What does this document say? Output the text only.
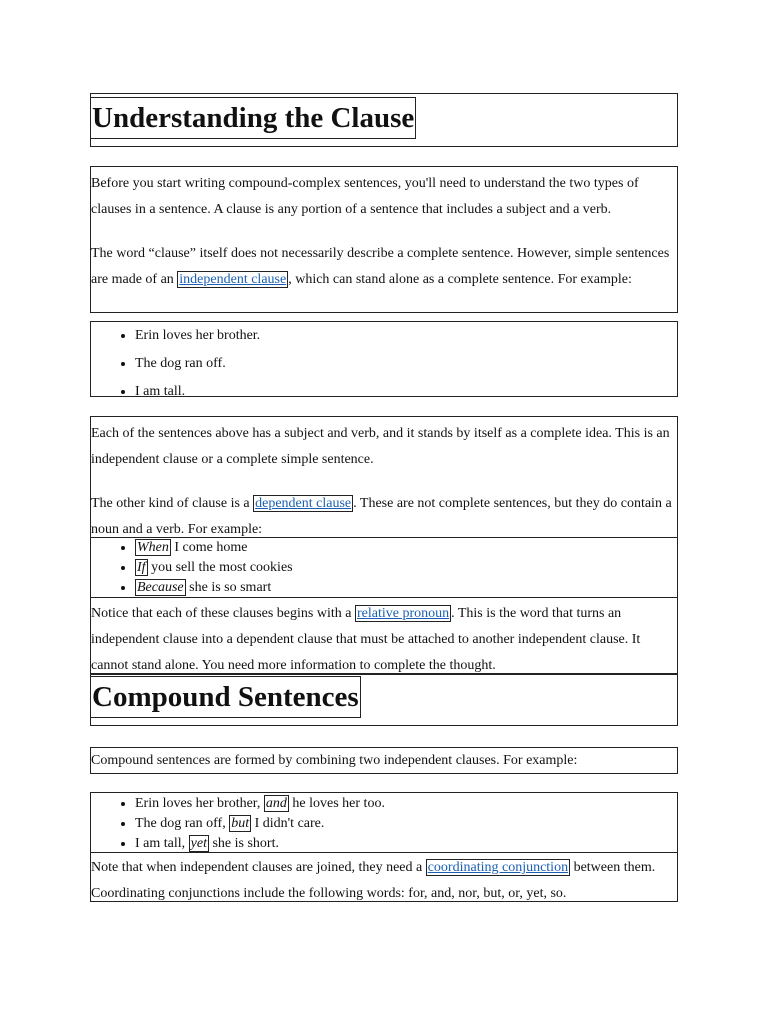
Understanding the Clause

Before you start writing compound-complex sentences, you'll need to understand the two types of clauses in a sentence. A clause is any portion of a sentence that includes a subject and a verb.

The word “clause” itself does not necessarily describe a complete sentence. However, simple sentences are made of an independent clause , which can stand alone as a complete sentence. For example:

• Erin loves her brother.
• The dog ran off.
• I am tall.

Each of the sentences above has a subject and verb, and it stands by itself as a complete idea. This is an independent clause or a complete simple sentence.

The other kind of clause is a dependent clause . These are not complete sentences, but they do contain a noun and a verb. For example:

• When I come home
• If you sell the most cookies
• Because she is so smart

Notice that each of these clauses begins with a relative pronoun . This is the word that turns an independent clause into a dependent clause that must be attached to another independent clause. It cannot stand alone. You need more information to complete the thought.

Compound Sentences

Compound sentences are formed by combining two independent clauses. For example:

• Erin loves her brother, and he loves her too.
• The dog ran off, but I didn't care.
• I am tall, yet she is short.

Note that when independent clauses are joined, they need a coordinating conjunction between them. Coordinating conjunctions include the following words: for, and, nor, but, or, yet, so.
